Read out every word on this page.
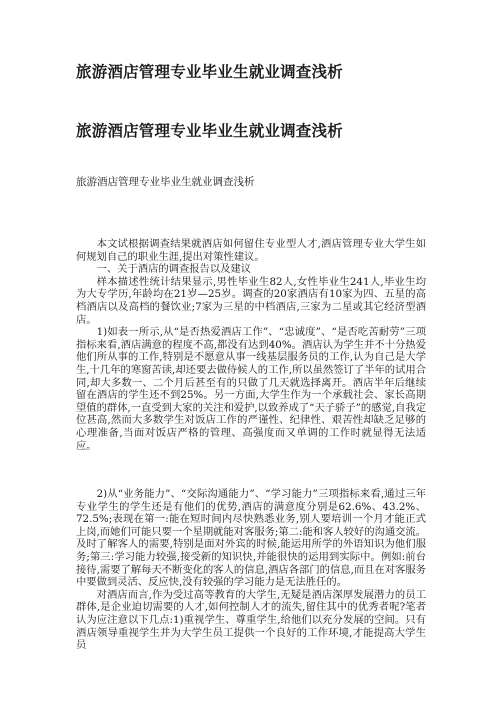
旅游酒店管理专业毕业生就业调查浅析
旅游酒店管理专业毕业生就业调查浅析
旅游酒店管理专业毕业生就业调查浅析

本文试根据调查结果就酒店如何留住专业型人才,酒店管理专业大学生如何规划自己的职业生涯,提出对策性建议。

一、关于酒店的调查报告以及建议

样本描述性统计结果显示,男性毕业生82人,女性毕业生241人,毕业生均为大专学历,年龄均在21岁—25岁。调查的20家酒店有10家为四、五星的高档酒店以及高档的餐饮业;7家为三星的中档酒店,三家为二星或其它经济型酒店。

1)如表一所示,从“是否热爱酒店工作”、“忠诚度”、“是否吃苦耐劳”三项指标来看,酒店满意的程度不高,都没有达到40%。酒店认为学生并不十分热爱他们所从事的工作,特别是不愿意从事一线基层服务员的工作,认为自己是大学生,十几年的寒窗苦读,却还要去做侍候人的工作,所以虽然签订了半年的试用合同,却大多数一、二个月后甚至有的只做了几天就选择离开。酒店半年后继续留在酒店的学生还不到25%。另一方面,大学生作为一个承载社会、家长高期望值的群体,一直受到大家的关注和爱护,以致养成了“天子骄子”的感觉,自我定位甚高,然而大多数学生对饭店工作的严谨性、纪律性、艰苦性却缺乏足够的心理准备,当面对饭店严格的管理、高强度而又单调的工作时就显得无法适应。

2)从“业务能力”、“交际沟通能力”、“学习能力”三项指标来看,通过三年专业学生的学生还是有他们的优势,酒店的满意度分别是62.6%、43.2%、72.5%;表现在第一:能在短时间内尽快熟悉业务,别人要培训一个月才能正式上岗,而她们可能只要一个星期就能对客服务;第二:能和客人较好的沟通交流。及时了解客人的需要,特别是面对外宾的时候,能运用所学的外语知识为他们服务;第三:学习能力较强,接受新的知识快,并能很快的运用到实际中。例如:前台接待,需要了解每天不断变化的客人的信息,酒店各部门的信息,而且在对客服务中要做到灵活、反应快,没有较强的学习能力是无法胜任的。

对酒店而言,作为受过高等教育的大学生,无疑是酒店深厚发展潜力的员工群体,是企业迫切需要的人才,如何控制人才的流失,留住其中的优秀者呢?笔者认为应注意以下几点:1)重视学生、尊重学生,给他们以充分发展的空间。只有酒店领导重视学生并为大学生员工提供一个良好的工作环境,才能提高大学生员
